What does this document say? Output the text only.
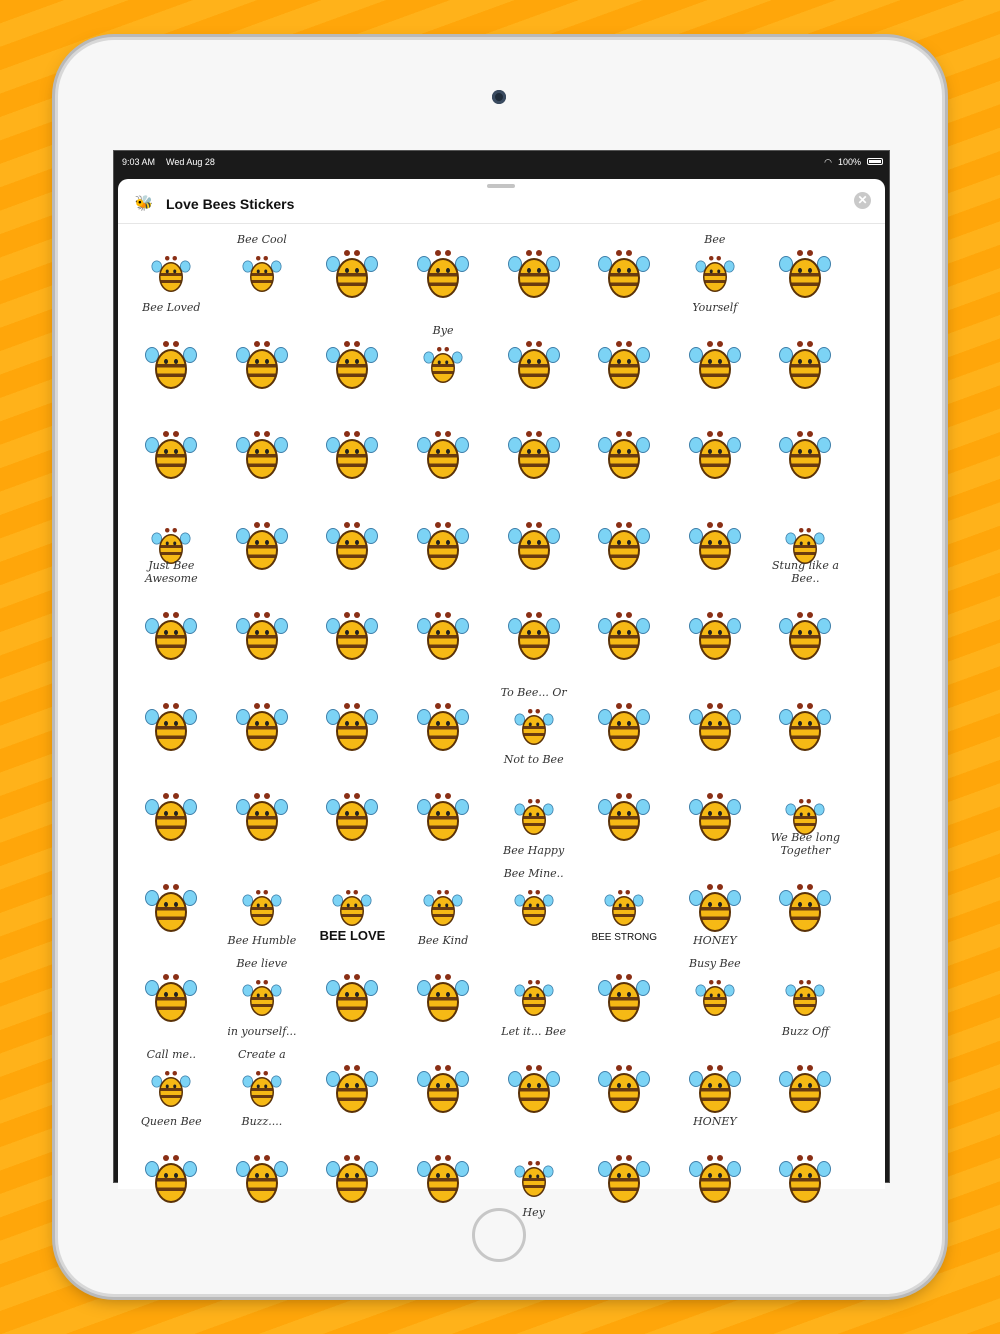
9:03 AM Wed Aug 28	◠ 100%
🐝 Love Bees Stickers	✕
Bee Loved
Bee Cool	Bee
Yourself
Bye
Just Bee Awesome
Stung like a Bee..
To Bee... Or
Not to Bee
Bee Happy
We Bee long Together
Bee Humble	BEE LOVE	Bee Kind
Bee Mine..
BEE STRONG	HONEY
Bee lieve
in yourself...	Let it... Bee
Busy Bee
Buzz Off
Call me..
Queen Bee
Create a
Buzz....	HONEY
Hey
